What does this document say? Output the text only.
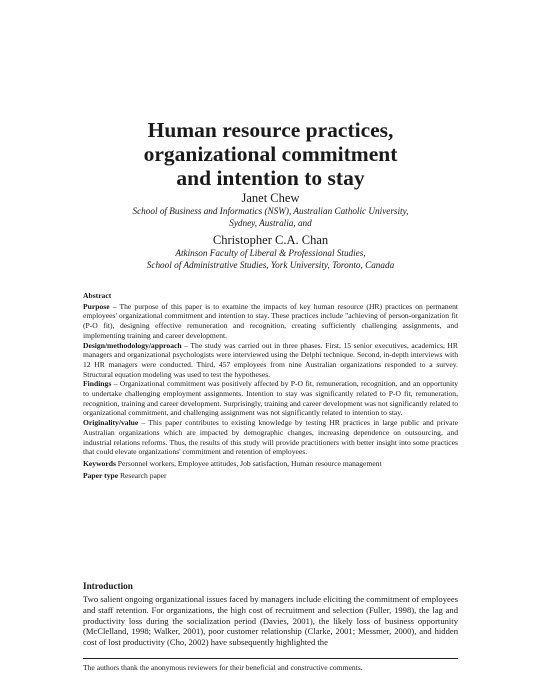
Human resource practices,
organizational commitment
and intention to stay
Janet Chew
School of Business and Informatics (NSW), Australian Catholic University,
Sydney, Australia, and
Christopher C.A. Chan
Atkinson Faculty of Liberal & Professional Studies,
School of Administrative Studies, York University, Toronto, Canada
Abstract

Purpose – The purpose of this paper is to examine the impacts of key human resource (HR) practices on permanent employees' organizational commitment and intention to stay. These practices include "achieving of person-organization fit (P-O fit), designing effective remuneration and recognition, creating sufficiently challenging assignments, and implementing training and career development.

Design/methodology/approach – The study was carried out in three phases. First, 15 senior executives, academics, HR managers and organizational psychologists were interviewed using the Delphi technique. Second, in-depth interviews with 12 HR managers were conducted. Third, 457 employees from nine Australian organizations responded to a survey. Structural equation modeling was used to test the hypotheses.

Findings – Organizational commitment was positively affected by P-O fit, remuneration, recognition, and an opportunity to undertake challenging employment assignments. Intention to stay was significantly related to P-O fit, remuneration, recognition, training and career development. Surprisingly, training and career development was not significantly related to organizational commitment, and challenging assignment was not significantly related to intention to stay.

Originality/value – This paper contributes to existing knowledge by testing HR practices in large public and private Australian organizations which are impacted by demographic changes, increasing dependence on outsourcing, and industrial relations reforms. Thus, the results of this study will provide practitioners with better insight into some practices that could elevate organizations' commitment and retention of employees.

Keywords Personnel workers, Employee attitudes, Job satisfaction, Human resource management

Paper type Research paper

Introduction
Two salient ongoing organizational issues faced by managers include eliciting the commitment of employees and staff retention. For organizations, the high cost of recruitment and selection (Fuller, 1998), the lag and productivity loss during the socialization period (Davies, 2001), the likely loss of business opportunity (McClelland, 1998; Walker, 2001), poor customer relationship (Clarke, 2001; Messmer, 2000), and hidden cost of lost productivity (Cho, 2002) have subsequently highlighted the
The authors thank the anonymous reviewers for their beneficial and constructive comments.
